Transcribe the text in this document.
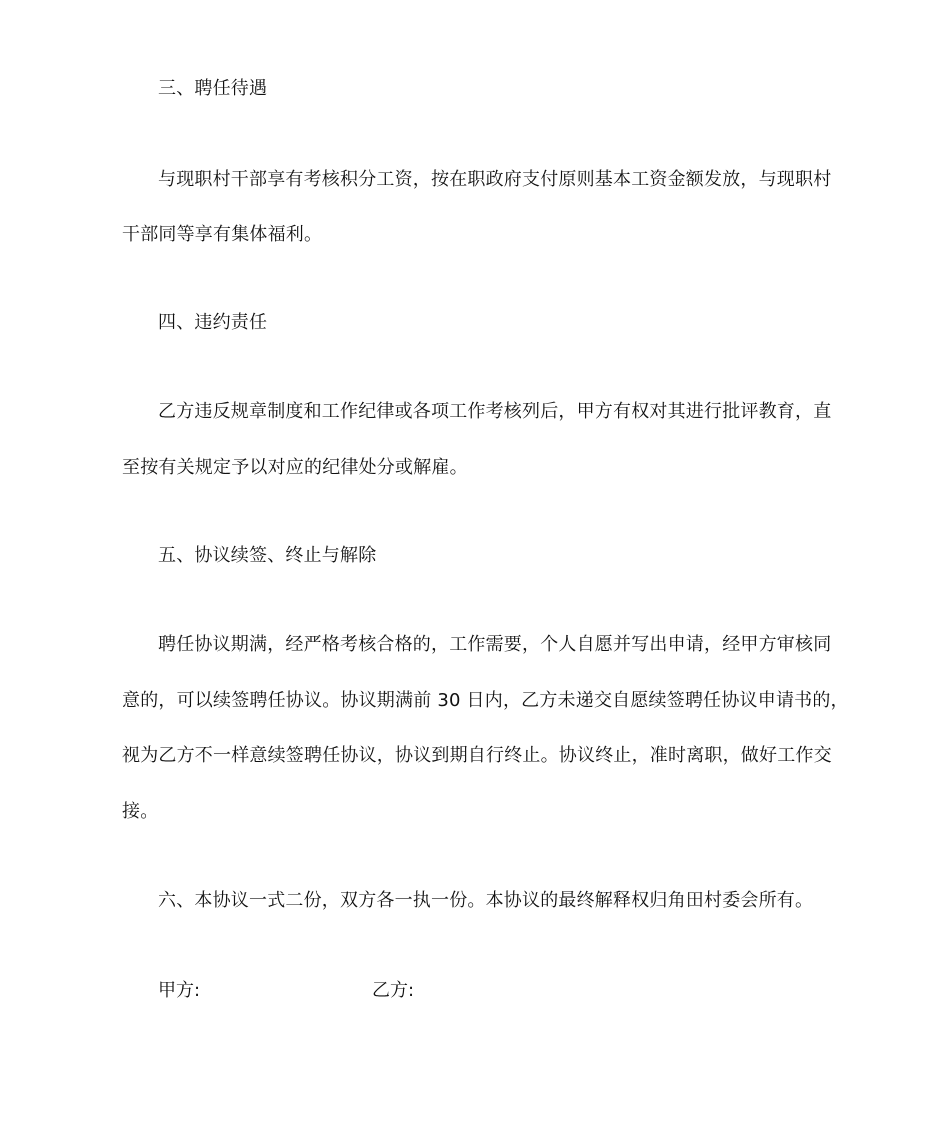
三、聘任待遇
与现职村干部享有考核积分工资，按在职政府支付原则基本工资金额发放，与现职村
干部同等享有集体福利。
四、违约责任
乙方违反规章制度和工作纪律或各项工作考核列后，甲方有权对其进行批评教育，直
至按有关规定予以对应的纪律处分或解雇。
五、协议续签、终止与解除
聘任协议期满，经严格考核合格的，工作需要，个人自愿并写出申请，经甲方审核同
意的，可以续签聘任协议。协议期满前 30 日内，乙方未递交自愿续签聘任协议申请书的，
视为乙方不一样意续签聘任协议，协议到期自行终止。协议终止，准时离职，做好工作交
接。
六、本协议一式二份，双方各一执一份。本协议的最终解释权归角田村委会所有。
甲方:	乙方:
